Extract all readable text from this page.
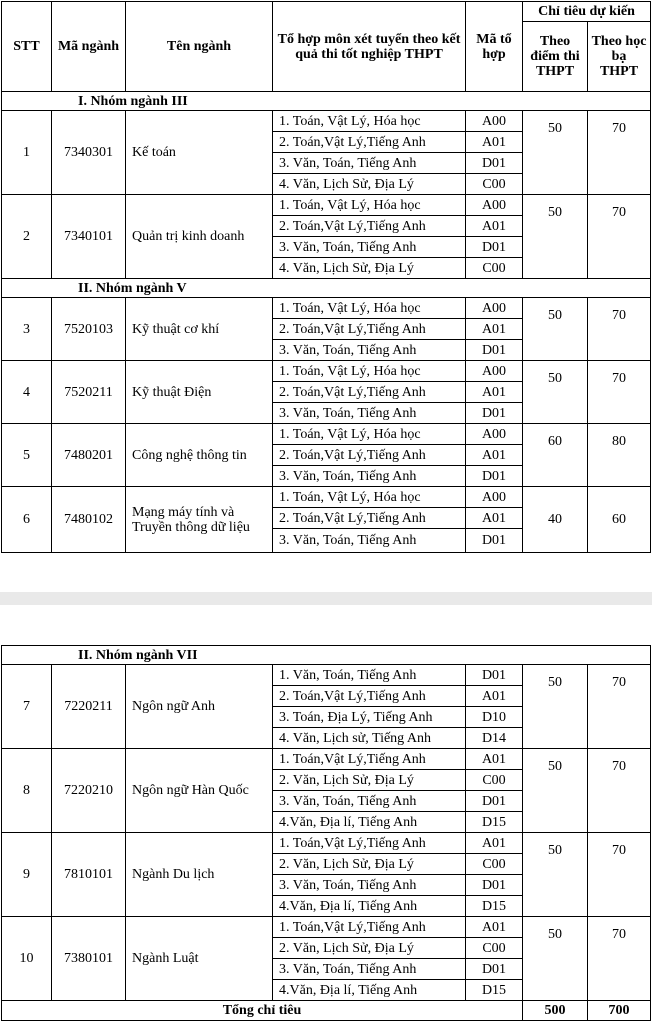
STT	Mã ngành	Tên ngành	Tổ hợp môn xét tuyển theo kết quả thi tốt nghiệp THPT	Mã tổ hợp	Chỉ tiêu dự kiến	
					Theo điểm thi THPT	Theo học bạ THPT
I. Nhóm ngành III						
1	7340301	Kế toán	1. Toán, Vật Lý, Hóa học	A00	50	70
			2. Toán,Vật Lý,Tiếng Anh	A01		
			3. Văn, Toán, Tiếng Anh	D01		
			4. Văn, Lịch Sử, Địa Lý	C00		
2	7340101	Quản trị kinh doanh	1. Toán, Vật Lý, Hóa học	A00	50	70
			2. Toán,Vật Lý,Tiếng Anh	A01		
			3. Văn, Toán, Tiếng Anh	D01		
			4. Văn, Lịch Sử, Địa Lý	C00		
II. Nhóm ngành V						
3	7520103	Kỹ thuật cơ khí	1. Toán, Vật Lý, Hóa học	A00	50	70
			2. Toán,Vật Lý,Tiếng Anh	A01		
			3. Văn, Toán, Tiếng Anh	D01		
4	7520211	Kỹ thuật Điện	1. Toán, Vật Lý, Hóa học	A00	50	70
			2. Toán,Vật Lý,Tiếng Anh	A01		
			3. Văn, Toán, Tiếng Anh	D01		
5	7480201	Công nghệ thông tin	1. Toán, Vật Lý, Hóa học	A00	60	80
			2. Toán,Vật Lý,Tiếng Anh	A01		
			3. Văn, Toán, Tiếng Anh	D01		
6	7480102	Mạng máy tính và Truyền thông dữ liệu	1. Toán, Vật Lý, Hóa học	A00	40	60
			2. Toán,Vật Lý,Tiếng Anh	A01		
			3. Văn, Toán, Tiếng Anh	D01		
II. Nhóm ngành VII						
7	7220211	Ngôn ngữ Anh	1. Văn, Toán, Tiếng Anh	D01	50	70
			2. Toán,Vật Lý,Tiếng Anh	A01		
			3. Toán, Địa Lý, Tiếng Anh	D10		
			4. Văn, Lịch sử, Tiếng Anh	D14		
8	7220210	Ngôn ngữ Hàn Quốc	1. Toán,Vật Lý,Tiếng Anh	A01	50	70
			2. Văn, Lịch Sử, Địa Lý	C00		
			3. Văn, Toán, Tiếng Anh	D01		
			4.Văn, Địa lí, Tiếng Anh	D15		
9	7810101	Ngành Du lịch	1. Toán,Vật Lý,Tiếng Anh	A01	50	70
			2. Văn, Lịch Sử, Địa Lý	C00		
			3. Văn, Toán, Tiếng Anh	D01		
			4.Văn, Địa lí, Tiếng Anh	D15		
10	7380101	Ngành Luật	1. Toán,Vật Lý,Tiếng Anh	A01	50	70
			2. Văn, Lịch Sử, Địa Lý	C00		
			3. Văn, Toán, Tiếng Anh	D01		
			4.Văn, Địa lí, Tiếng Anh	D15		
Tổng chỉ tiêu					500	700
